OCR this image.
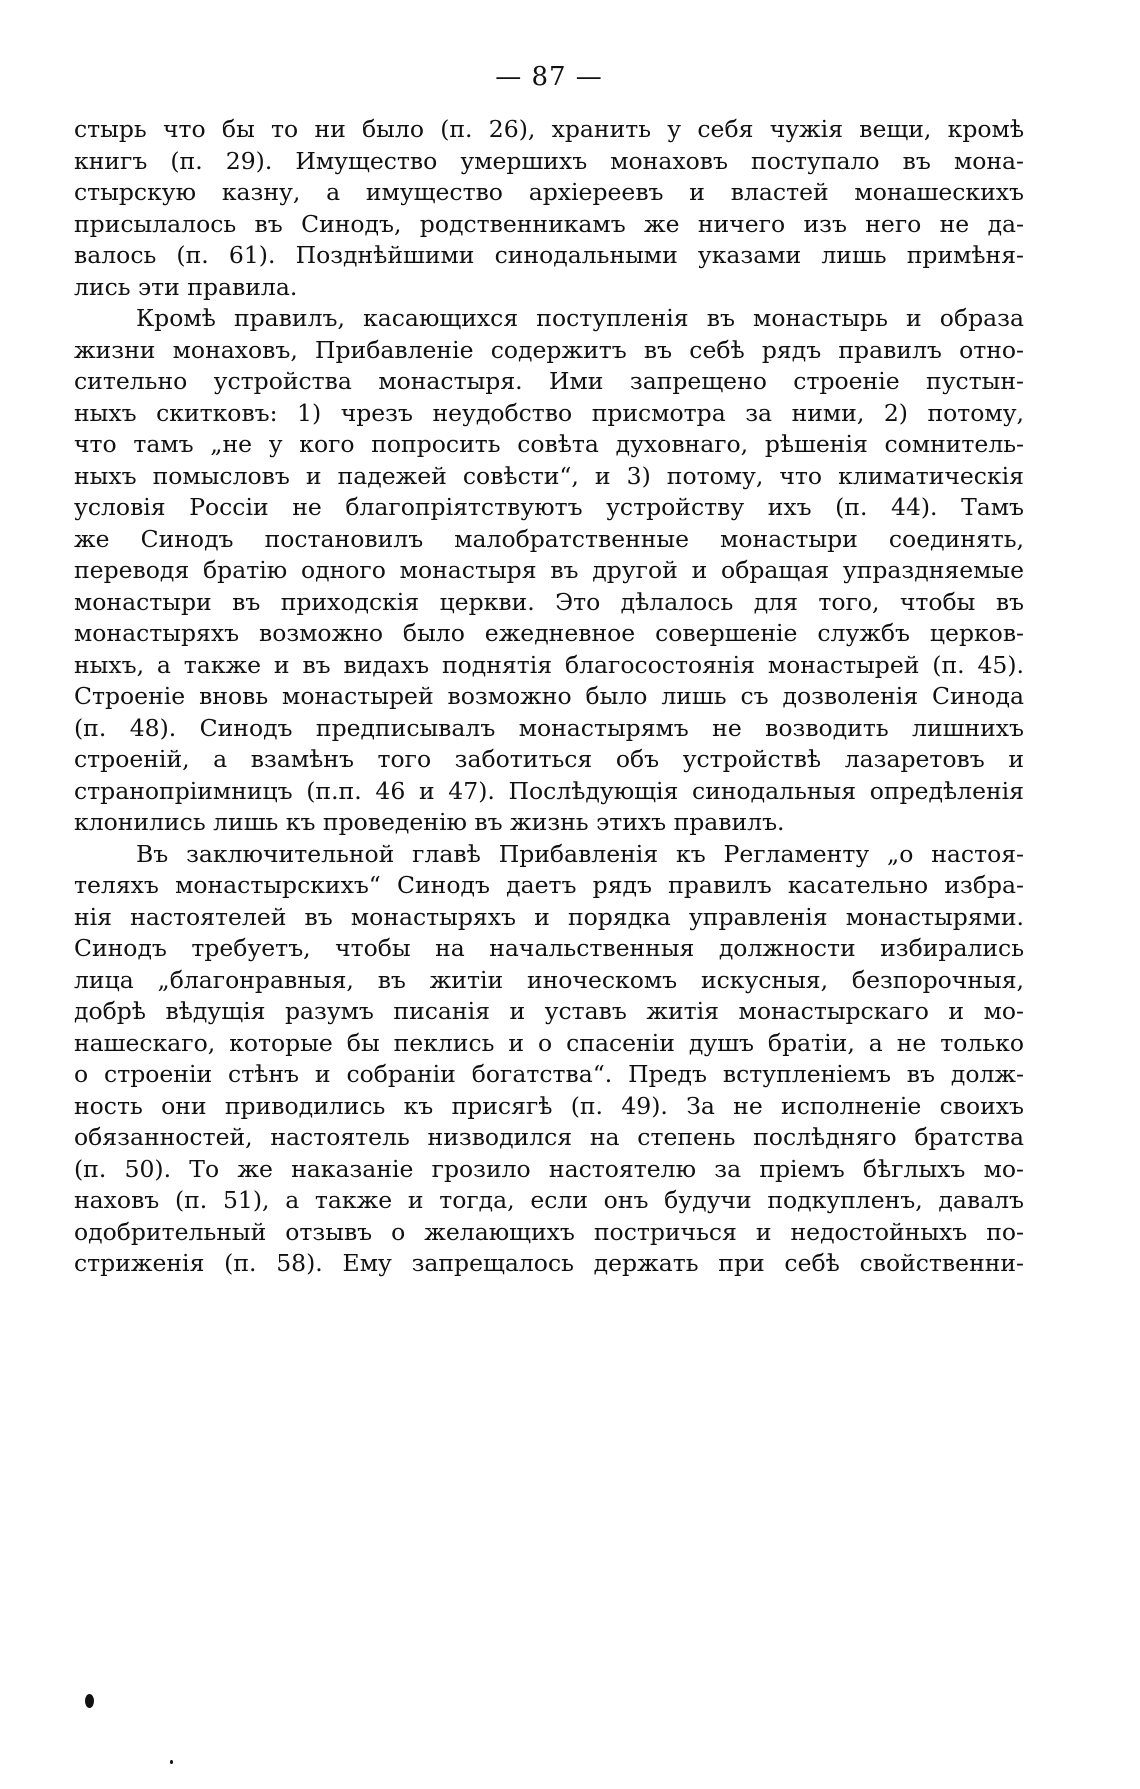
— 87 —
стырь что бы то ни было (п. 26), хранить у себя чужія вещи, кромѣ
книгъ (п. 29). Имущество умершихъ монаховъ поступало въ мона-
стырскую казну, а имущество архіереевъ и властей монашескихъ
присылалось въ Синодъ, родственникамъ же ничего изъ него не да-
валось (п. 61). Позднѣйшими синодальными указами лишь примѣня-
лись эти правила.
Кромѣ правилъ, касающихся поступленія въ монастырь и образа
жизни монаховъ, Прибавленіе содержитъ въ себѣ рядъ правилъ отно-
сительно устройства монастыря. Ими запрещено строеніе пустын-
ныхъ скитковъ: 1) чрезъ неудобство присмотра за ними, 2) потому,
что тамъ „не у кого попросить совѣта духовнаго, рѣшенія сомнитель-
ныхъ помысловъ и падежей совѣсти“, и 3) потому, что климатическія
условія Россіи не благопріятствуютъ устройству ихъ (п. 44). Тамъ
же Синодъ постановилъ малобратственные монастыри соединять,
переводя братію одного монастыря въ другой и обращая упраздняемые
монастыри въ приходскія церкви. Это дѣлалось для того, чтобы въ
монастыряхъ возможно было ежедневное совершеніе службъ церков-
ныхъ, а также и въ видахъ поднятія благосостоянія монастырей (п. 45).
Строеніе вновь монастырей возможно было лишь съ дозволенія Синода
(п. 48). Синодъ предписывалъ монастырямъ не возводить лишнихъ
строеній, а взамѣнъ того заботиться объ устройствѣ лазаретовъ и
странопріимницъ (п.п. 46 и 47). Послѣдующія синодальныя опредѣленія
клонились лишь къ проведенію въ жизнь этихъ правилъ.
Въ заключительной главѣ Прибавленія къ Регламенту „о настоя-
теляхъ монастырскихъ“ Синодъ даетъ рядъ правилъ касательно избра-
нія настоятелей въ монастыряхъ и порядка управленія монастырями.
Синодъ требуетъ, чтобы на начальственныя должности избирались
лица „благонравныя, въ житіи иноческомъ искусныя, безпорочныя,
добрѣ вѣдущія разумъ писанія и уставъ житія монастырскаго и мо-
нашескаго, которые бы пеклись и о спасеніи душъ братіи, а не только
о строеніи стѣнъ и собраніи богатства“. Предъ вступленіемъ въ долж-
ность они приводились къ присягѣ (п. 49). За не исполненіе своихъ
обязанностей, настоятель низводился на степень послѣдняго братства
(п. 50). То же наказаніе грозило настоятелю за пріемъ бѣглыхъ мо-
наховъ (п. 51), а также и тогда, если онъ будучи подкупленъ, давалъ
одобрительный отзывъ о желающихъ постричься и недостойныхъ по-
стриженія (п. 58). Ему запрещалось держать при себѣ свойственни-
